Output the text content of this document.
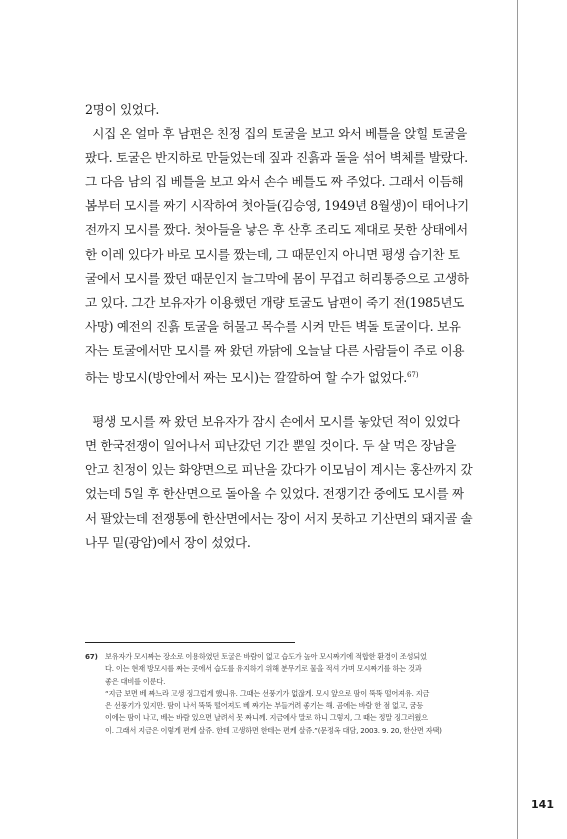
2명이 있었다.

시집 온 얼마 후 남편은 친정 집의 토굴을 보고 와서 베틀을 앉힐 토굴을

팠다. 토굴은 반지하로 만들었는데 짚과 진흙과 돌을 섞어 벽체를 발랐다.

그 다음 남의 집 베틀을 보고 와서 손수 베틀도 짜 주었다. 그래서 이듬해

봄부터 모시를 짜기 시작하여 첫아들(김승영, 1949년 8월생)이 태어나기

전까지 모시를 짰다. 첫아들을 낳은 후 산후 조리도 제대로 못한 상태에서

한 이레 있다가 바로 모시를 짰는데, 그 때문인지 아니면 평생 습기찬 토

굴에서 모시를 짰던 때문인지 늘그막에 몸이 무겁고 허리통증으로 고생하

고 있다. 그간 보유자가 이용했던 개량 토굴도 남편이 죽기 전(1985년도

사망) 예전의 진흙 토굴을 허물고 목수를 시켜 만든 벽돌 토굴이다. 보유

자는 토굴에서만 모시를 짜 왔던 까닭에 오늘날 다른 사람들이 주로 이용

하는 방모시(방안에서 짜는 모시)는 깔깔하여 할 수가 없었다.$^{67)}$

평생 모시를 짜 왔던 보유자가 잠시 손에서 모시를 놓았던 적이 있었다

면 한국전쟁이 일어나서 피난갔던 기간 뿐일 것이다. 두 살 먹은 장남을

안고 친정이 있는 화양면으로 피난을 갔다가 이모님이 계시는 홍산까지 갔

었는데 5일 후 한산면으로 돌아올 수 있었다. 전쟁기간 중에도 모시를 짜

서 팔았는데 전쟁통에 한산면에서는 장이 서지 못하고 기산면의 돼지골 솔

나무 밑(광암)에서 장이 섰었다.

67) 보유자가 모시짜는 장소로 이용하였던 토굴은 바람이 없고 습도가 높아 모시짜기에 적합한 환경이 조성되었

다. 이는 현재 방모시를 짜는 곳에서 습도를 유지하기 위해 분무기로 물을 적셔 가며 모시짜기를 하는 것과

좋은 대비를 이룬다.

“지금 보면 베 짜느라 고생 징그럽게 했니유. 그때는 선풍기가 없잖게. 모시 앞으로 땀이 뚝뚝 떨어져유. 지금

은 선풍기가 있지만. 땀이 나서 뚝뚝 떨어져도 베 짜기는 부들거려 좋기는 해. 곰에는 바람 한 점 없고, 굼등

이에는 땀이 나고, 베는 바람 있으면 날려서 못 짜니께. 지금에사 말로 하니 그렇지, 그 때는 정말 징그러웠으

이. 그래서 지금은 이렇게 편케 살쥬. 한테 고생하면 한테는 편케 살쥬.”(문정옥 대담, 2003. 9. 20, 한산면 자택)

141
